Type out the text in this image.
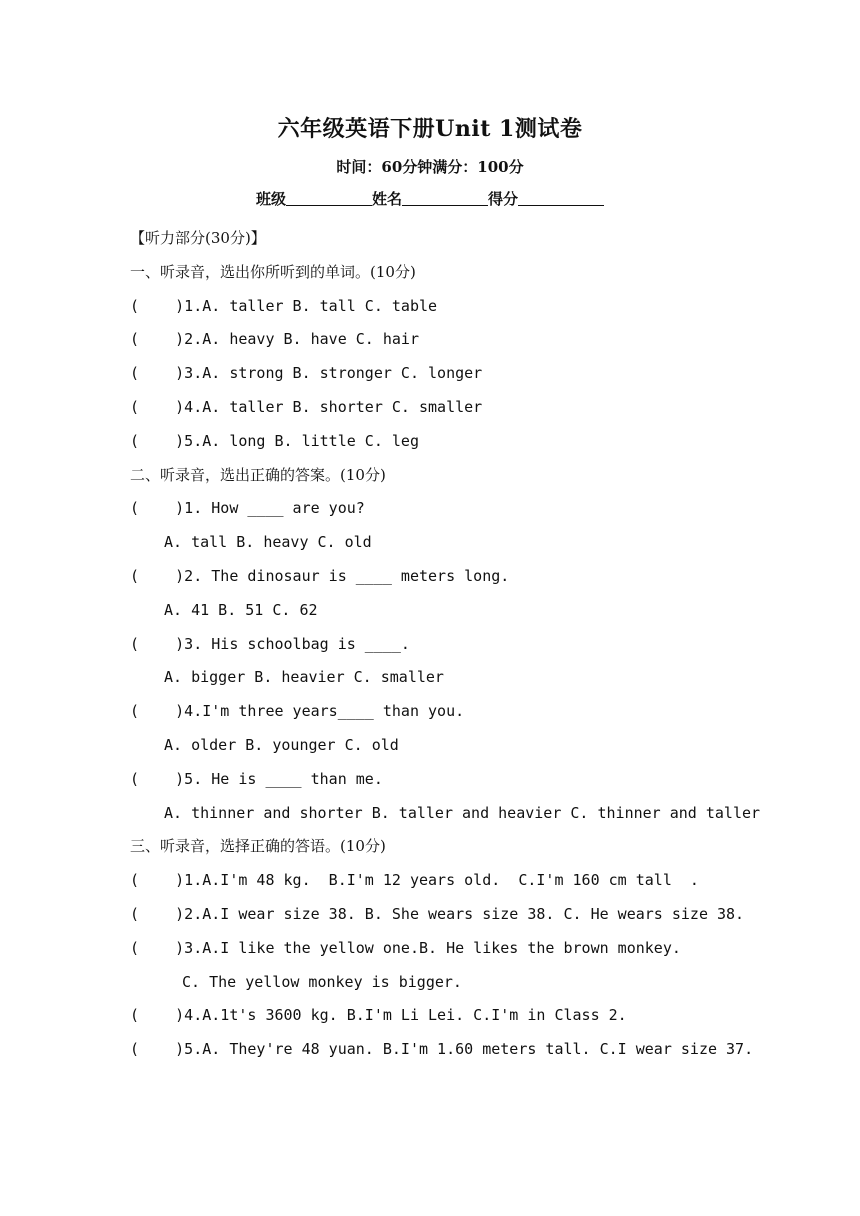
六年级英语下册Unit 1测试卷
时间：60分钟满分：100分
班级	姓名	得分
【听力部分(30分)】
一、听录音，选出你所听到的单词。(10分)
(    )1.A. taller B. tall C. table
(    )2.A. heavy B. have C. hair
(    )3.A. strong B. stronger C. longer
(    )4.A. taller B. shorter C. smaller
(    )5.A. long B. little C. leg
二、听录音，选出正确的答案。(10分)
(    )1. How ____ are you?
A. tall B. heavy C. old
(    )2. The dinosaur is ____ meters long.
A. 41 B. 51 C. 62
(    )3. His schoolbag is ____.
A. bigger B. heavier C. smaller
(    )4.I'm three years____ than you.
A. older B. younger C. old
(    )5. He is ____ than me.
A. thinner and shorter B. taller and heavier C. thinner and taller
三、听录音，选择正确的答语。(10分)
(    )1.A.I'm 48 kg.  B.I'm 12 years old.  C.I'm 160 cm tall  .
(    )2.A.I wear size 38. B. She wears size 38. C. He wears size 38.
(    )3.A.I like the yellow one.B. He likes the brown monkey.
C. The yellow monkey is bigger.
(    )4.A.1t's 3600 kg. B.I'm Li Lei. C.I'm in Class 2.
(    )5.A. They're 48 yuan. B.I'm 1.60 meters tall. C.I wear size 37.
